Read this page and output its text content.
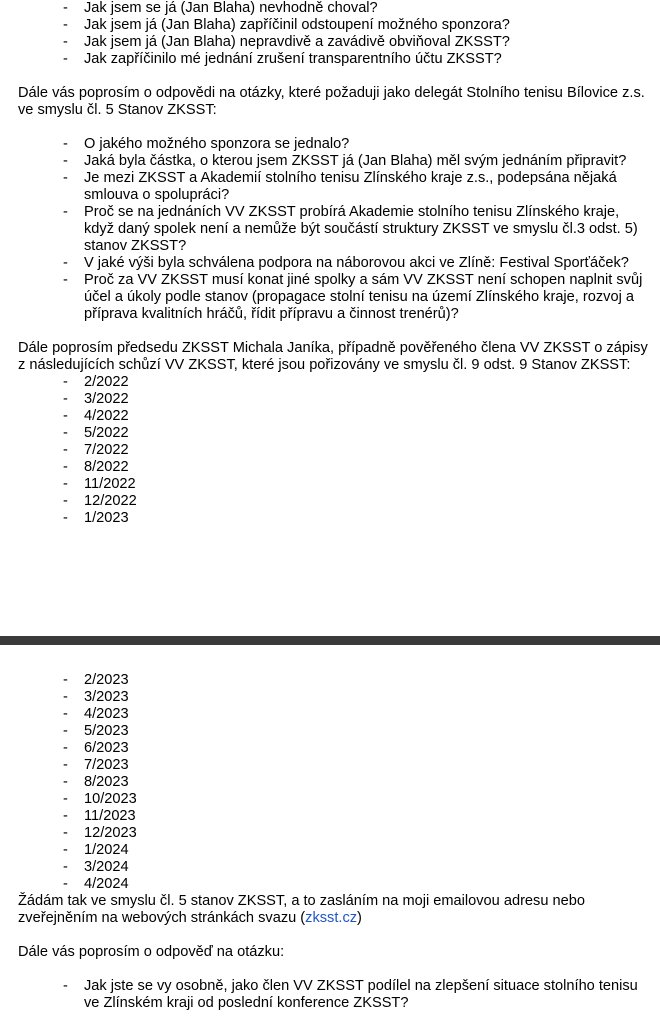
- Jak jsem se já (Jan Blaha) nevhodně choval?
- Jak jsem já (Jan Blaha) zapříčinil odstoupení možného sponzora?
- Jak jsem já (Jan Blaha) nepravdivě a zavádivě obviňoval ZKSST?
- Jak zapříčinilo mé jednání zrušení transparentního účtu ZKSST?

Dále vás poprosím o odpovědi na otázky, které požaduji jako delegát Stolního tenisu Bílovice z.s. ve smyslu čl. 5 Stanov ZKSST:

- O jakého možného sponzora se jednalo?
- Jaká byla částka, o kterou jsem ZKSST já (Jan Blaha) měl svým jednáním připravit?
- Je mezi ZKSST a Akademií stolního tenisu Zlínského kraje z.s., podepsána nějaká smlouva o spolupráci?
- Proč se na jednáních VV ZKSST probírá Akademie stolního tenisu Zlínského kraje, když daný spolek není a nemůže být součástí struktury ZKSST ve smyslu čl.3 odst. 5) stanov ZKSST?
- V jaké výši byla schválena podpora na náborovou akci ve Zlíně: Festival Sporťáček?
- Proč za VV ZKSST musí konat jiné spolky a sám VV ZKSST není schopen naplnit svůj účel a úkoly podle stanov (propagace stolní tenisu na území Zlínského kraje, rozvoj a příprava kvalitních hráčů, řídit přípravu a činnost trenérů)?

Dále poprosím předsedu ZKSST Michala Janíka, případně pověřeného člena VV ZKSST o zápisy z následujících schůzí VV ZKSST, které jsou pořizovány ve smyslu čl. 9 odst. 9 Stanov ZKSST:

- 2/2022
- 3/2022
- 4/2022
- 5/2022
- 7/2022
- 8/2022
- 11/2022
- 12/2022
- 1/2023
- 2/2023
- 3/2023
- 4/2023
- 5/2023
- 6/2023
- 7/2023
- 8/2023
- 10/2023
- 11/2023
- 12/2023
- 1/2024
- 3/2024
- 4/2024

Žádám tak ve smyslu čl. 5 stanov ZKSST, a to zasláním na moji emailovou adresu nebo zveřejněním na webových stránkách svazu (zksst.cz)

Dále vás poprosím o odpověď na otázku:

- Jak jste se vy osobně, jako člen VV ZKSST podílel na zlepšení situace stolního tenisu ve Zlínském kraji od poslední konference ZKSST?
